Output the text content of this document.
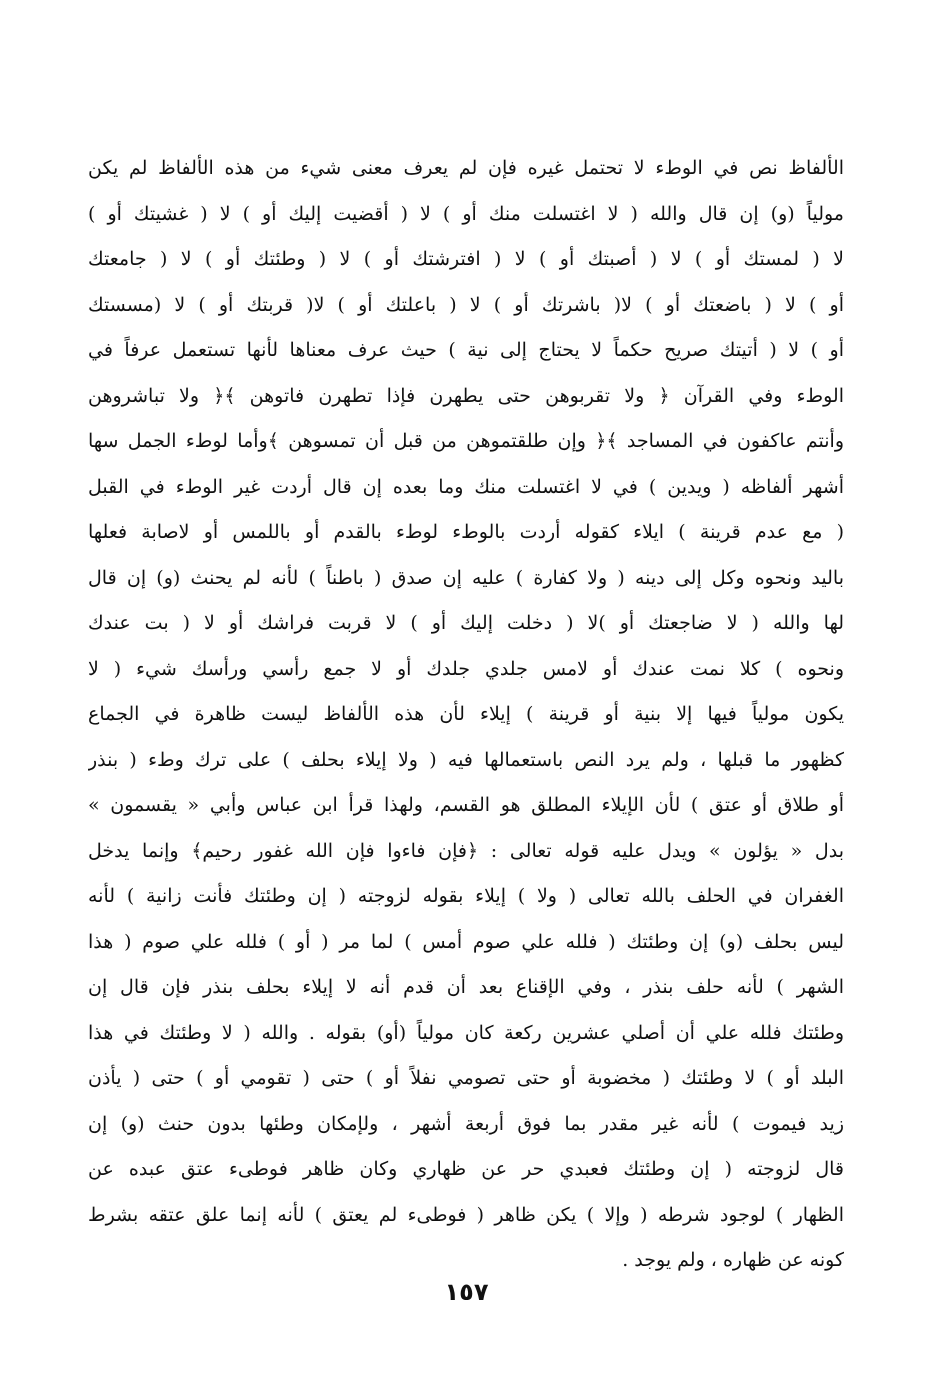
الألفاظ نص في الوطء لا تحتمل غيره فإن لم يعرف معنى شيء من هذه الألفاظ لم يكن
مولياً (و) إن قال والله ( لا اغتسلت منك أو ) لا ( أقضيت إليك أو ) لا ( غشيتك أو )
لا ( لمستك أو ) لا ( أصبتك أو ) لا ( افترشتك أو ) لا ( وطئتك أو ) لا ( جامعتك
أو ) لا ( باضعتك أو ) لا( باشرتك أو ) لا ( باعلتك أو ) لا( قربتك أو ) لا (مسستك
أو ) لا ( أتيتك صريح حكماً لا يحتاج إلى نية ) حيث عرف معناها لأنها تستعمل عرفاً في
الوطء وفي القرآن ﴿ ولا تقربوهن حتى يطهرن فإذا تطهرن فاتوهن ﴾﴿ ولا تباشروهن
وأنتم عاكفون في المساجد ﴾﴿ وإن طلقتموهن من قبل أن تمسوهن ﴾وأما لوطء الجمل سها
أشهر ألفاظه ( ويدين ) في لا اغتسلت منك وما بعده إن قال أردت غير الوطء في القبل
( مع عدم قرينة ) ايلاء كقوله أردت بالوطء لوطء بالقدم أو باللمس أو لاصابة فعلها
باليد ونحوه وكل إلى دينه ( ولا كفارة ) عليه إن صدق ( باطناً ) لأنه لم يحنث (و) إن قال
لها والله ( لا ضاجعتك أو )لا ( دخلت إليك أو ) لا قربت فراشك أو لا ( بت عندك
ونحوه ) كلا نمت عندك أو لامس جلدي جلدك أو لا جمع رأسي ورأسك شيء ( لا
يكون مولياً فيها إلا بنية أو قرينة ) إيلاء لأن هذه الألفاظ ليست ظاهرة في الجماع
كظهور ما قبلها ، ولم يرد النص باستعمالها فيه ( ولا إيلاء بحلف ) على ترك وطء ( بنذر
أو طلاق أو عتق ) لأن الإيلاء المطلق هو القسم، ولهذا قرأ ابن عباس وأبي « يقسمون »
بدل « يؤلون » ويدل عليه قوله تعالى : ﴿فإن فاءوا فإن الله غفور رحيم﴾ وإنما يدخل
الغفران في الحلف بالله تعالى ( ولا ) إيلاء بقوله لزوجته ( إن وطئتك فأنت زانية ) لأنه
ليس بحلف (و) إن وطئتك ( فلله علي صوم أمس ) لما مر ( أو ) فلله علي صوم ( هذا
الشهر ) لأنه حلف بنذر ، وفي الإقناع بعد أن قدم أنه لا إيلاء بحلف بنذر فإن قال إن
وطئتك فلله علي أن أصلي عشرين ركعة كان مولياً (أو) بقوله . والله ( لا وطئتك في هذا
البلد أو ) لا وطئتك ( مخضوبة أو حتى تصومي نفلاً أو ) حتى ( تقومي أو ) حتى ( يأذن
زيد فيموت ) لأنه غير مقدر بما فوق أربعة أشهر ، ولإمكان وطئها بدون حنث (و) إن
قال لزوجته ( إن وطئتك فعبدي حر عن ظهاري وكان ظاهر فوطىء عتق عبده عن
الظهار ) لوجود شرطه ( وإلا ) يكن ظاهر ( فوطىء لم يعتق ) لأنه إنما علق عتقه بشرط
كونه عن ظهاره ، ولم يوجد .
١٥٧
